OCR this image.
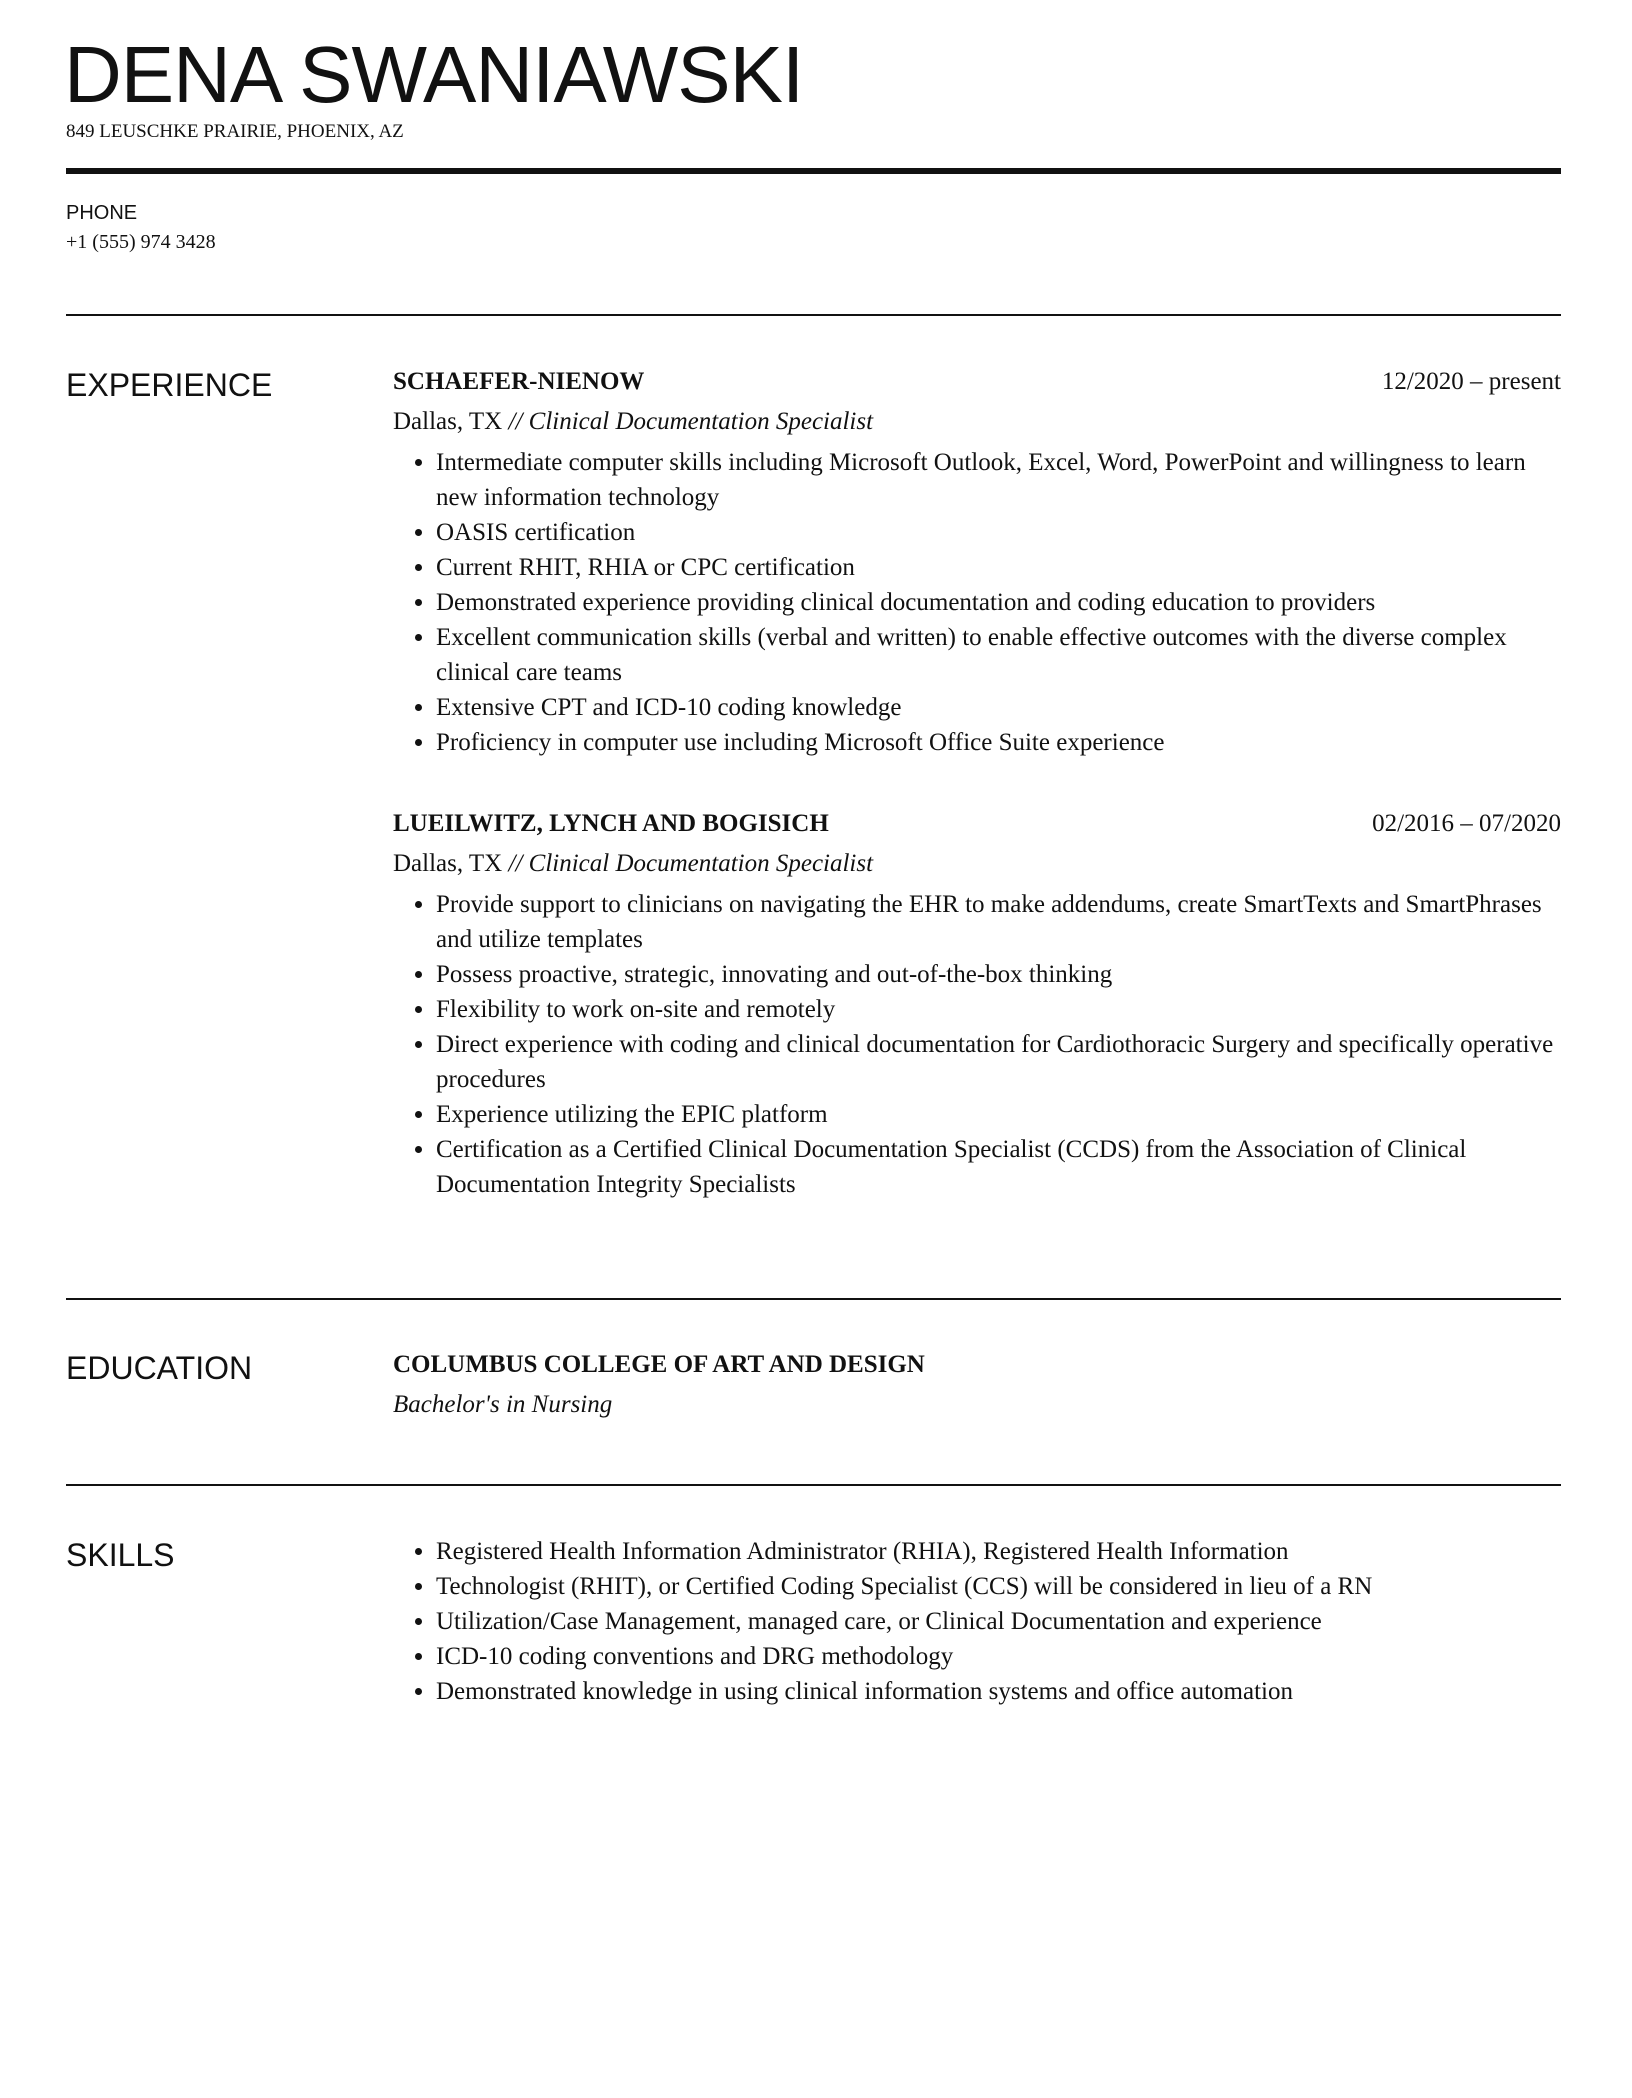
DENA SWANIAWSKI
849 LEUSCHKE PRAIRIE, PHOENIX, AZ
PHONE
+1 (555) 974 3428
EXPERIENCE	SCHAEFER-NIENOW	12/2020 – present
Dallas, TX // Clinical Documentation Specialist
• Intermediate computer skills including Microsoft Outlook, Excel, Word, PowerPoint and willingness to learn new information technology
• OASIS certification
• Current RHIT, RHIA or CPC certification
• Demonstrated experience providing clinical documentation and coding education to providers
• Excellent communication skills (verbal and written) to enable effective outcomes with the diverse complex clinical care teams
• Extensive CPT and ICD-10 coding knowledge
• Proficiency in computer use including Microsoft Office Suite experience
LUEILWITZ, LYNCH AND BOGISICH	02/2016 – 07/2020
Dallas, TX // Clinical Documentation Specialist
• Provide support to clinicians on navigating the EHR to make addendums, create SmartTexts and SmartPhrases and utilize templates
• Possess proactive, strategic, innovating and out-of-the-box thinking
• Flexibility to work on-site and remotely
• Direct experience with coding and clinical documentation for Cardiothoracic Surgery and specifically operative procedures
• Experience utilizing the EPIC platform
• Certification as a Certified Clinical Documentation Specialist (CCDS) from the Association of Clinical Documentation Integrity Specialists
EDUCATION	COLUMBUS COLLEGE OF ART AND DESIGN
Bachelor's in Nursing
SKILLS	• Registered Health Information Administrator (RHIA), Registered Health Information
• Technologist (RHIT), or Certified Coding Specialist (CCS) will be considered in lieu of a RN
• Utilization/Case Management, managed care, or Clinical Documentation and experience
• ICD-10 coding conventions and DRG methodology
• Demonstrated knowledge in using clinical information systems and office automation
